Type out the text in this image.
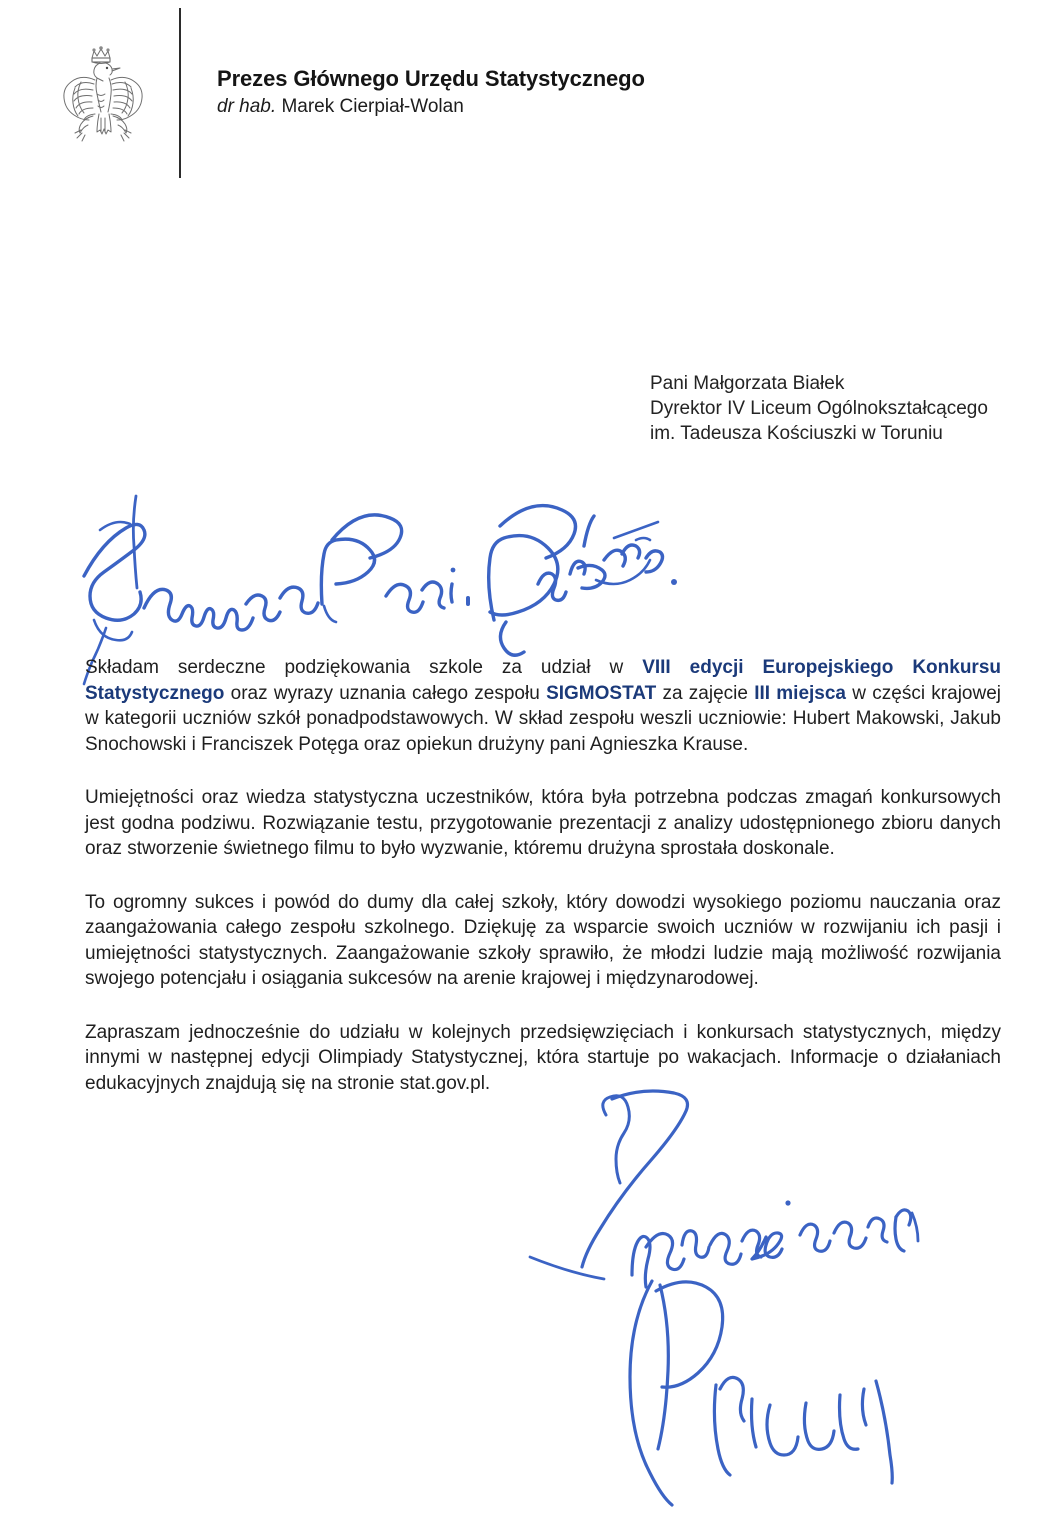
Prezes Głównego Urzędu Statystycznego
dr hab. Marek Cierpiał-Wolan
Pani Małgorzata Białek
Dyrektor IV Liceum Ogólnokształcącego
im. Tadeusza Kościuszki w Toruniu

Składam serdeczne podziękowania szkole za udział w VIII edycji Europejskiego Konkursu Statystycznego oraz wyrazy uznania całego zespołu SIGMOSTAT za zajęcie III miejsca w części krajowej w kategorii uczniów szkół ponadpodstawowych. W skład zespołu weszli uczniowie: Hubert Makowski, Jakub Snochowski i Franciszek Potęga oraz opiekun drużyny pani Agnieszka Krause.

Umiejętności oraz wiedza statystyczna uczestników, która była potrzebna podczas zmagań konkursowych jest godna podziwu. Rozwiązanie testu, przygotowanie prezentacji z analizy udostępnionego zbioru danych oraz stworzenie świetnego filmu to było wyzwanie, któremu drużyna sprostała doskonale.

To ogromny sukces i powód do dumy dla całej szkoły, który dowodzi wysokiego poziomu nauczania oraz zaangażowania całego zespołu szkolnego. Dziękuję za wsparcie swoich uczniów w rozwijaniu ich pasji i umiejętności statystycznych. Zaangażowanie szkoły sprawiło, że młodzi ludzie mają możliwość rozwijania swojego potencjału i osiągania sukcesów na arenie krajowej i międzynarodowej.

Zapraszam jednocześnie do udziału w kolejnych przedsięwzięciach i konkursach statystycznych, między innymi w następnej edycji Olimpiady Statystycznej, która startuje po wakacjach. Informacje o działaniach edukacyjnych znajdują się na stronie stat.gov.pl.
